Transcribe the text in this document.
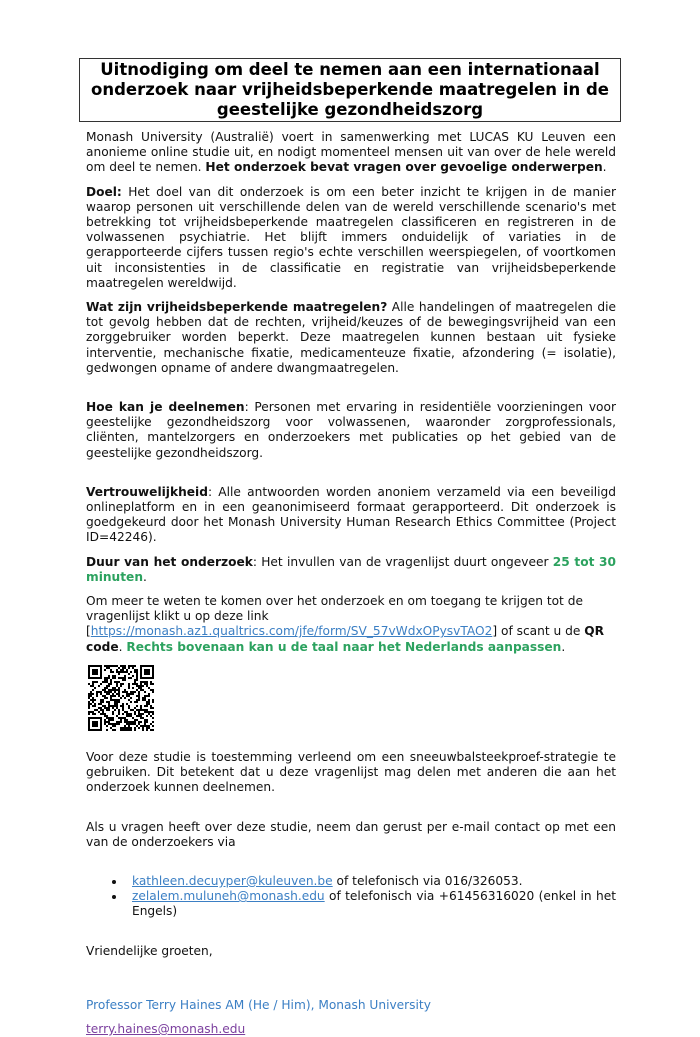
Uitnodiging om deel te nemen aan een internationaal onderzoek naar vrijheidsbeperkende maatregelen in de geestelijke gezondheidszorg

Monash University (Australië) voert in samenwerking met LUCAS KU Leuven een anonieme online studie uit, en nodigt momenteel mensen uit van over de hele wereld om deel te nemen. Het onderzoek bevat vragen over gevoelige onderwerpen.

Doel: Het doel van dit onderzoek is om een beter inzicht te krijgen in de manier waarop personen uit verschillende delen van de wereld verschillende scenario's met betrekking tot vrijheidsbeperkende maatregelen classificeren en registreren in de volwassenen psychiatrie. Het blijft immers onduidelijk of variaties in de gerapporteerde cijfers tussen regio's echte verschillen weerspiegelen, of voortkomen uit inconsistenties in de classificatie en registratie van vrijheidsbeperkende maatregelen wereldwijd.

Wat zijn vrijheidsbeperkende maatregelen? Alle handelingen of maatregelen die tot gevolg hebben dat de rechten, vrijheid/keuzes of de bewegingsvrijheid van een zorggebruiker worden beperkt. Deze maatregelen kunnen bestaan uit fysieke interventie, mechanische fixatie, medicamenteuze fixatie, afzondering (= isolatie), gedwongen opname of andere dwangmaatregelen.

Hoe kan je deelnemen: Personen met ervaring in residentiële voorzieningen voor geestelijke gezondheidszorg voor volwassenen, waaronder zorgprofessionals, cliënten, mantelzorgers en onderzoekers met publicaties op het gebied van de geestelijke gezondheidszorg.

Vertrouwelijkheid: Alle antwoorden worden anoniem verzameld via een beveiligd onlineplatform en in een geanonimiseerd formaat gerapporteerd. Dit onderzoek is goedgekeurd door het Monash University Human Research Ethics Committee (Project ID=42246).

Duur van het onderzoek: Het invullen van de vragenlijst duurt ongeveer 25 tot 30 minuten.

Om meer te weten te komen over het onderzoek en om toegang te krijgen tot de vragenlijst klikt u op deze link
[https://monash.az1.qualtrics.com/jfe/form/SV_57vWdxOPysvTAO2] of scant u de QR code. Rechts bovenaan kan u de taal naar het Nederlands aanpassen.

Voor deze studie is toestemming verleend om een sneeuwbalsteekproef-strategie te gebruiken. Dit betekent dat u deze vragenlijst mag delen met anderen die aan het onderzoek kunnen deelnemen.

Als u vragen heeft over deze studie, neem dan gerust per e-mail contact op met een van de onderzoekers via

• kathleen.decuyper@kuleuven.be of telefonisch via 016/326053.
• zelalem.muluneh@monash.edu of telefonisch via +61456316020 (enkel in het Engels)

Vriendelijke groeten,

Professor Terry Haines AM (He / Him), Monash University

terry.haines@monash.edu
